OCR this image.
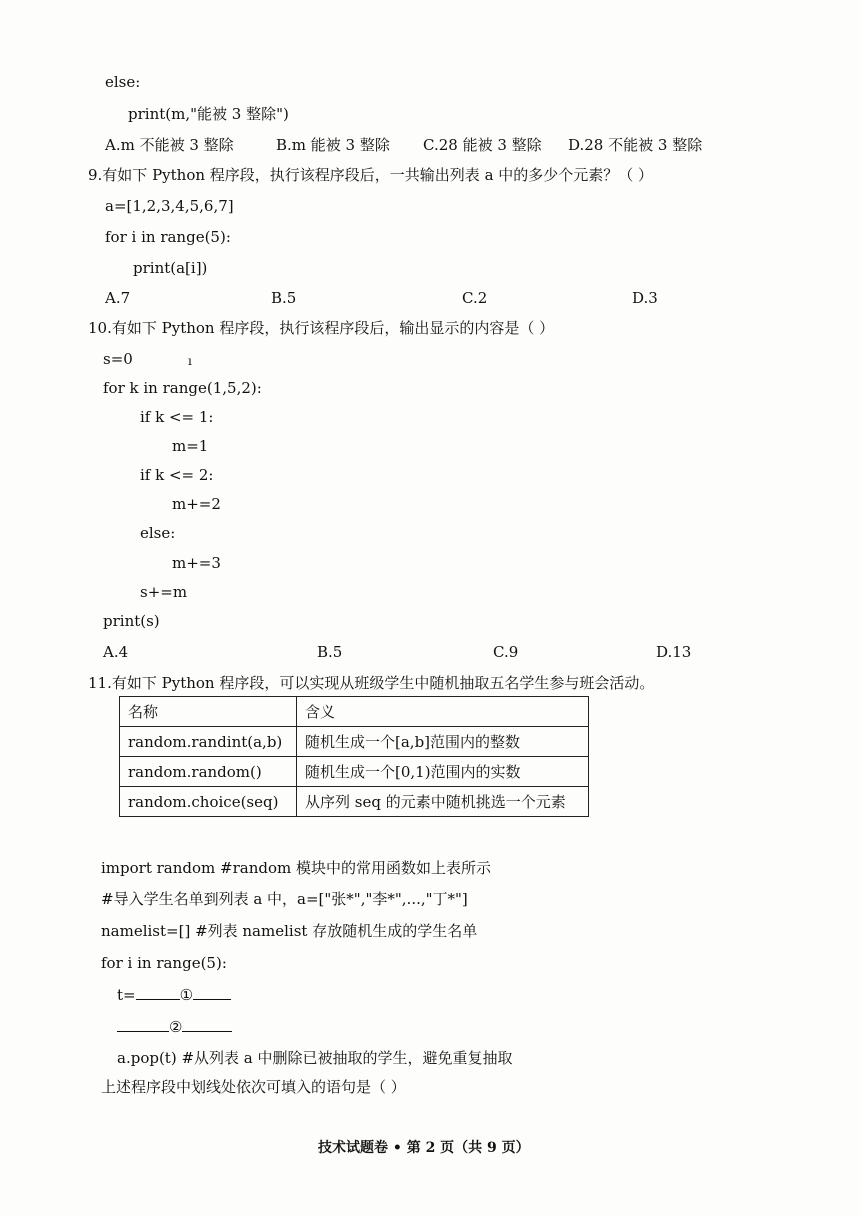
else:
print(m,"能被 3 整除")
A.m 不能被 3 整除	B.m 能被 3 整除 C.28 能被 3 整除 D.28 不能被 3 整除
9.有如下 Python 程序段，执行该程序段后，一共输出列表 a 中的多少个元素？（ ）
a=[1,2,3,4,5,6,7]
for i in range(5):
print(a[i])
A.7	B.5	C.2	D.3
10.有如下 Python 程序段，执行该程序段后，输出显示的内容是（ ）
s=0	ı
for k in range(1,5,2):
if k <= 1:
m=1
if k <= 2:
m+=2
else:
m+=3
s+=m
print(s)
A.4	B.5	C.9	D.13
11.有如下 Python 程序段，可以实现从班级学生中随机抽取五名学生参与班会活动。
名称	含义
random.randint(a,b)	随机生成一个[a,b]范围内的整数
random.random()	随机生成一个[0,1)范围内的实数
random.choice(seq)	从序列 seq 的元素中随机挑选一个元素
import random #random 模块中的常用函数如上表所示
#导入学生名单到列表 a 中，a=["张*","李*",...,"丁*"]
namelist=[] #列表 namelist 存放随机生成的学生名单
for i in range(5):
t=	①
②
a.pop(t) #从列表 a 中删除已被抽取的学生，避免重复抽取
上述程序段中划线处依次可填入的语句是（ ）
技术试题卷 • 第 2 页（共 9 页）
